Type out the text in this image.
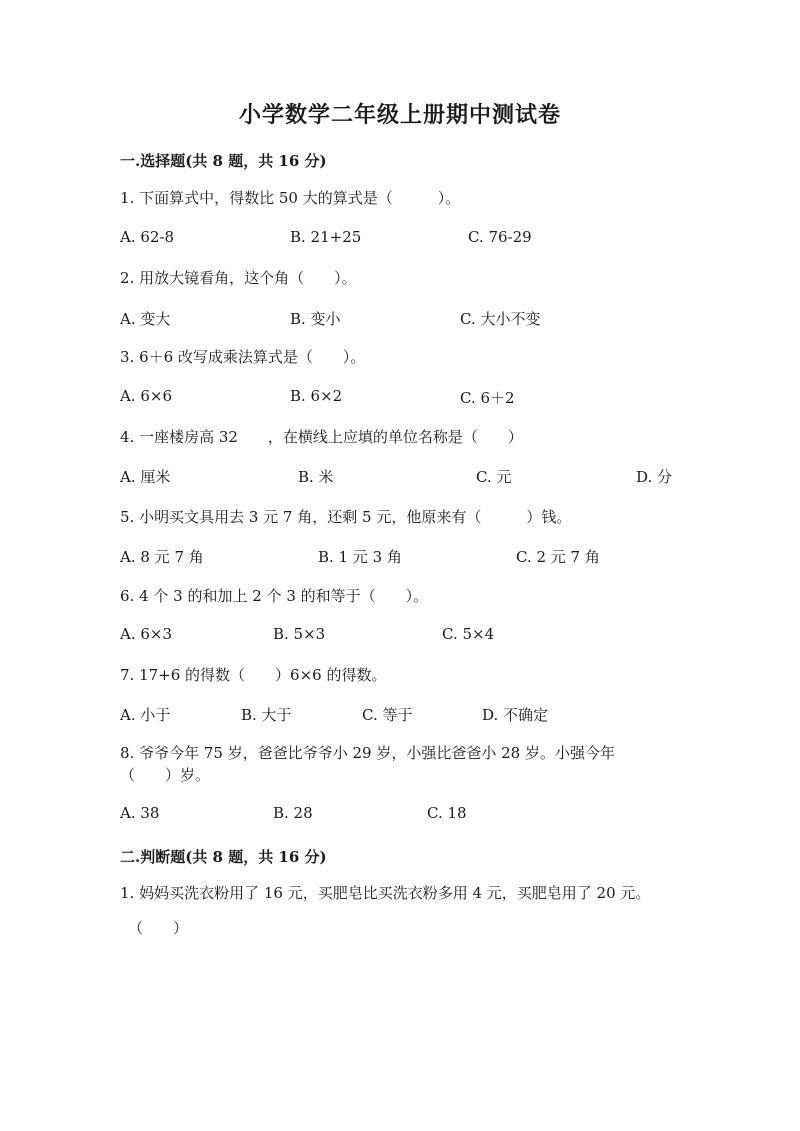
小学数学二年级上册期中测试卷
一.选择题(共 8 题，共 16 分)
1. 下面算式中，得数比 50 大的算式是（　　　）。
A. 62-8	B. 21+25	C. 76-29
2. 用放大镜看角，这个角（　　）。
A. 变大	B. 变小	C. 大小不变
3. 6＋6 改写成乘法算式是（　　）。
A. 6×6	B. 6×2	C. 6＋2
4. 一座楼房高 32　　，在横线上应填的单位名称是（　　）
A. 厘米	B. 米	C. 元	D. 分
5. 小明买文具用去 3 元 7 角，还剩 5 元，他原来有（　　　）钱。
A. 8 元 7 角	B. 1 元 3 角	C. 2 元 7 角
6. 4 个 3 的和加上 2 个 3 的和等于（　　）。
A. 6×3	B. 5×3	C. 5×4
7. 17+6 的得数（　　）6×6 的得数。
A. 小于	B. 大于	C. 等于	D. 不确定
8. 爷爷今年 75 岁，爸爸比爷爷小 29 岁，小强比爸爸小 28 岁。小强今年（　　）岁。
A. 38	B. 28	C. 18
二.判断题(共 8 题，共 16 分)
1. 妈妈买洗衣粉用了 16 元，买肥皂比买洗衣粉多用 4 元，买肥皂用了 20 元。
（　　）
